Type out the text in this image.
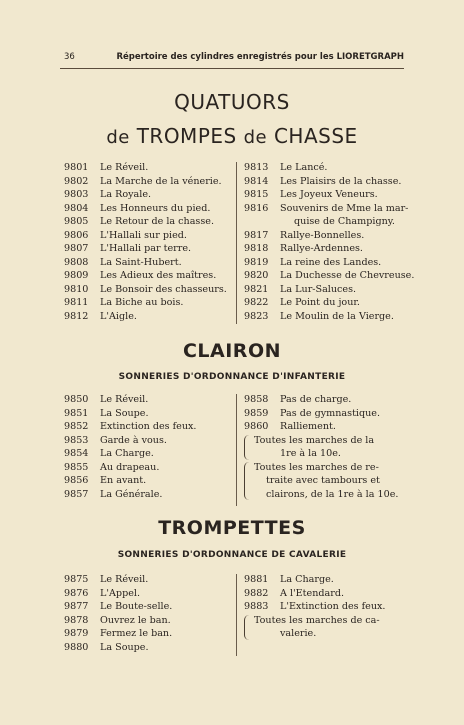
36	Répertoire des cylindres enregistrés pour les LIORETGRAPH
QUATUORS
de TROMPES de CHASSE
9801	Le Réveil.
9802	La Marche de la vénerie.
9803	La Royale.
9804	Les Honneurs du pied.
9805	Le Retour de la chasse.
9806	L'Hallali sur pied.
9807	L'Hallali par terre.
9808	La Saint-Hubert.
9809	Les Adieux des maîtres.
9810	Le Bonsoir des chasseurs.
9811	La Biche au bois.
9812	L'Aigle.
9813	Le Lancé.
9814	Les Plaisirs de la chasse.
9815	Les Joyeux Veneurs.
9816	Souvenirs de Mme la mar-
quise de Champigny.
9817	Rallye-Bonnelles.
9818	Rallye-Ardennes.
9819	La reine des Landes.
9820	La Duchesse de Chevreuse.
9821	La Lur-Saluces.
9822	Le Point du jour.
9823	Le Moulin de la Vierge.
CLAIRON
SONNERIES D'ORDONNANCE D'INFANTERIE
9850	Le Réveil.
9851	La Soupe.
9852	Extinction des feux.
9853	Garde à vous.
9854	La Charge.
9855	Au drapeau.
9856	En avant.
9857	La Générale.
9858	Pas de charge.
9859	Pas de gymnastique.
9860	Ralliement.
Toutes les marches de la
1re à la 10e.
Toutes les marches de re-
traite avec tambours et
clairons, de la 1re à la 10e.
TROMPETTES
SONNERIES D'ORDONNANCE DE CAVALERIE
9875	Le Réveil.
9876	L'Appel.
9877	Le Boute-selle.
9878	Ouvrez le ban.
9879	Fermez le ban.
9880	La Soupe.
9881	La Charge.
9882	A l'Etendard.
9883	L'Extinction des feux.
Toutes les marches de ca-
valerie.
